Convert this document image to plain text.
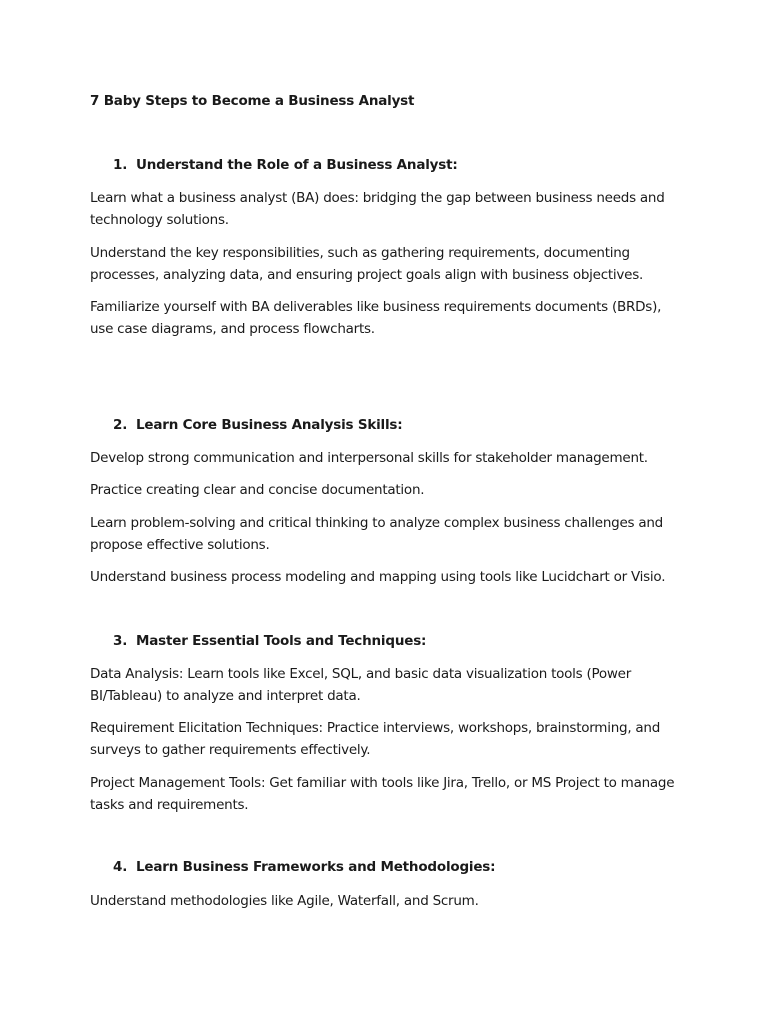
7 Baby Steps to Become a Business Analyst
1. Understand the Role of a Business Analyst:
Learn what a business analyst (BA) does: bridging the gap between business needs and
technology solutions.
Understand the key responsibilities, such as gathering requirements, documenting
processes, analyzing data, and ensuring project goals align with business objectives.
Familiarize yourself with BA deliverables like business requirements documents (BRDs),
use case diagrams, and process flowcharts.
2. Learn Core Business Analysis Skills:
Develop strong communication and interpersonal skills for stakeholder management.
Practice creating clear and concise documentation.
Learn problem-solving and critical thinking to analyze complex business challenges and
propose effective solutions.
Understand business process modeling and mapping using tools like Lucidchart or Visio.
3. Master Essential Tools and Techniques:
Data Analysis: Learn tools like Excel, SQL, and basic data visualization tools (Power
BI/Tableau) to analyze and interpret data.
Requirement Elicitation Techniques: Practice interviews, workshops, brainstorming, and
surveys to gather requirements effectively.
Project Management Tools: Get familiar with tools like Jira, Trello, or MS Project to manage
tasks and requirements.
4. Learn Business Frameworks and Methodologies:
Understand methodologies like Agile, Waterfall, and Scrum.
